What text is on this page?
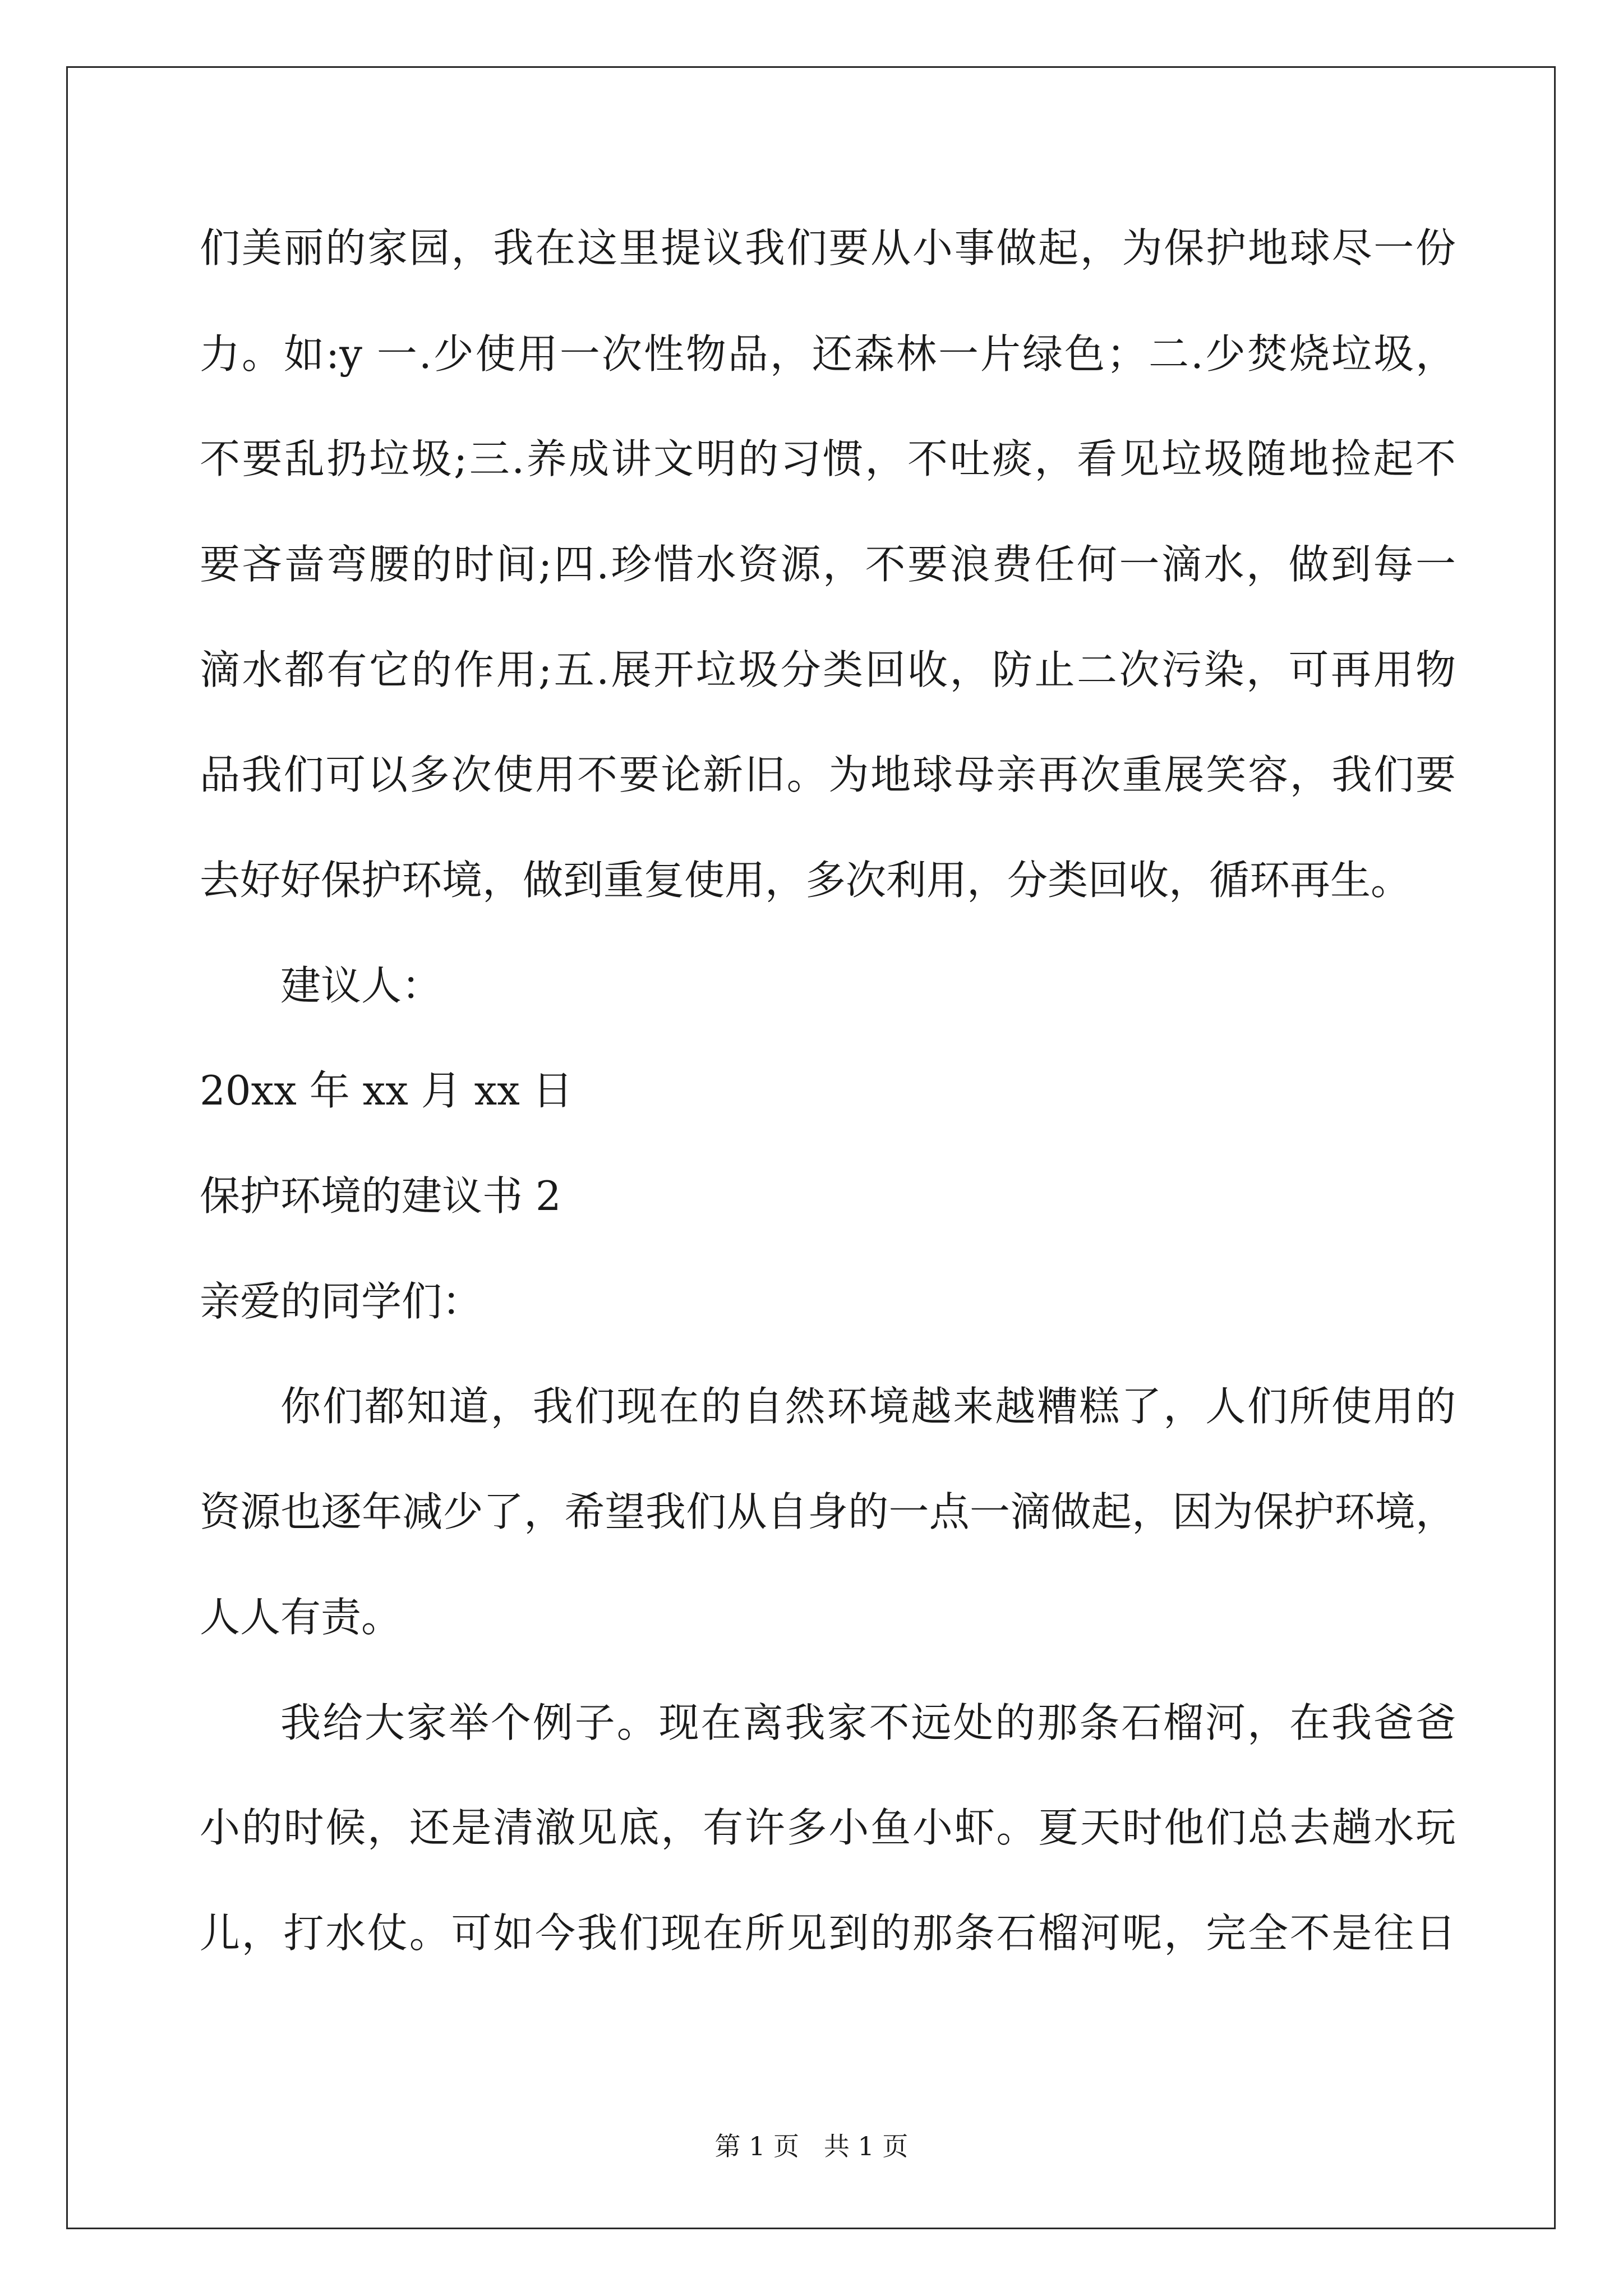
们美丽的家园，我在这里提议我们要从小事做起，为保护地球尽一份
力。如:y 一.少使用一次性物品，还森林一片绿色；二.少焚烧垃圾，
不要乱扔垃圾;三.养成讲文明的习惯，不吐痰，看见垃圾随地捡起不
要吝啬弯腰的时间;四.珍惜水资源，不要浪费任何一滴水，做到每一
滴水都有它的作用;五.展开垃圾分类回收，防止二次污染，可再用物
品我们可以多次使用不要论新旧。为地球母亲再次重展笑容，我们要
去好好保护环境，做到重复使用，多次利用，分类回收，循环再生。
建议人：
20xx 年 xx 月 xx 日
保护环境的建议书 2
亲爱的同学们：
你们都知道，我们现在的自然环境越来越糟糕了，人们所使用的
资源也逐年减少了，希望我们从自身的一点一滴做起，因为保护环境，
人人有责。
我给大家举个例子。现在离我家不远处的那条石榴河，在我爸爸
小的时候，还是清澈见底，有许多小鱼小虾。夏天时他们总去趟水玩
儿，打水仗。可如今我们现在所见到的那条石榴河呢，完全不是往日
第 1 页   共 1 页
